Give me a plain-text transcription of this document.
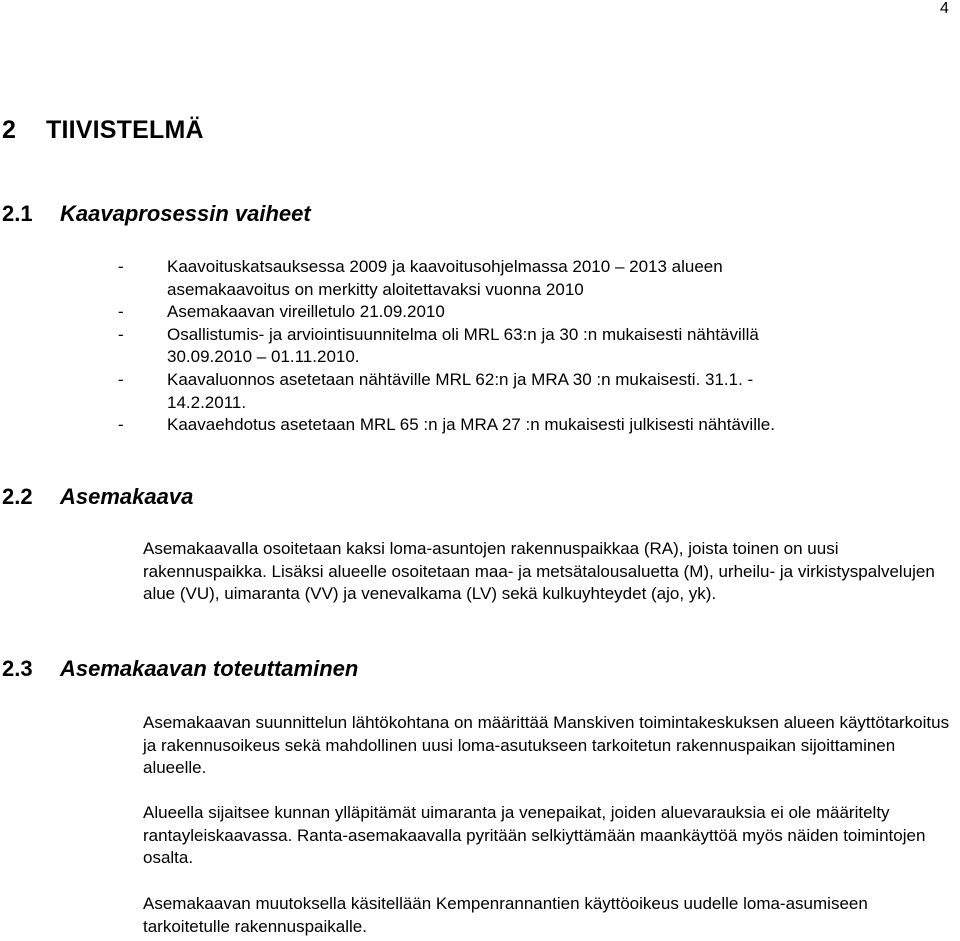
4
2 TIIVISTELMÄ
2.1 Kaavaprosessin vaiheet
-	Kaavoituskatsauksessa 2009 ja kaavoitusohjelmassa 2010 – 2013 alueen
asemakaavoitus on merkitty aloitettavaksi vuonna 2010
-	Asemakaavan vireilletulo 21.09.2010
-	Osallistumis- ja arviointisuunnitelma oli MRL 63:n ja 30 :n mukaisesti nähtävillä
30.09.2010 – 01.11.2010.
-	Kaavaluonnos asetetaan nähtäville MRL 62:n ja MRA 30 :n mukaisesti. 31.1. -
14.2.2011.
-	Kaavaehdotus asetetaan MRL 65 :n ja MRA 27 :n mukaisesti julkisesti nähtäville.
2.2 Asemakaava

Asemakaavalla osoitetaan kaksi loma-asuntojen rakennuspaikkaa (RA), joista toinen on uusi rakennuspaikka. Lisäksi alueelle osoitetaan maa- ja metsätalousaluetta (M), urheilu- ja virkistyspalvelujen alue (VU), uimaranta (VV) ja venevalkama (LV) sekä kulkuyhteydet (ajo, yk).

2.3 Asemakaavan toteuttaminen

Asemakaavan suunnittelun lähtökohtana on määrittää Manskiven toimintakeskuksen alueen käyttötarkoitus ja rakennusoikeus sekä mahdollinen uusi loma-asutukseen tarkoitetun rakennuspaikan sijoittaminen alueelle.

Alueella sijaitsee kunnan ylläpitämät uimaranta ja venepaikat, joiden aluevarauksia ei ole määritelty rantayleiskaavassa. Ranta-asemakaavalla pyritään selkiyttämään maankäyttöä myös näiden toimintojen osalta.

Asemakaavan muutoksella käsitellään Kempenrannantien käyttöoikeus uudelle loma-asumiseen tarkoitetulle rakennuspaikalle.
